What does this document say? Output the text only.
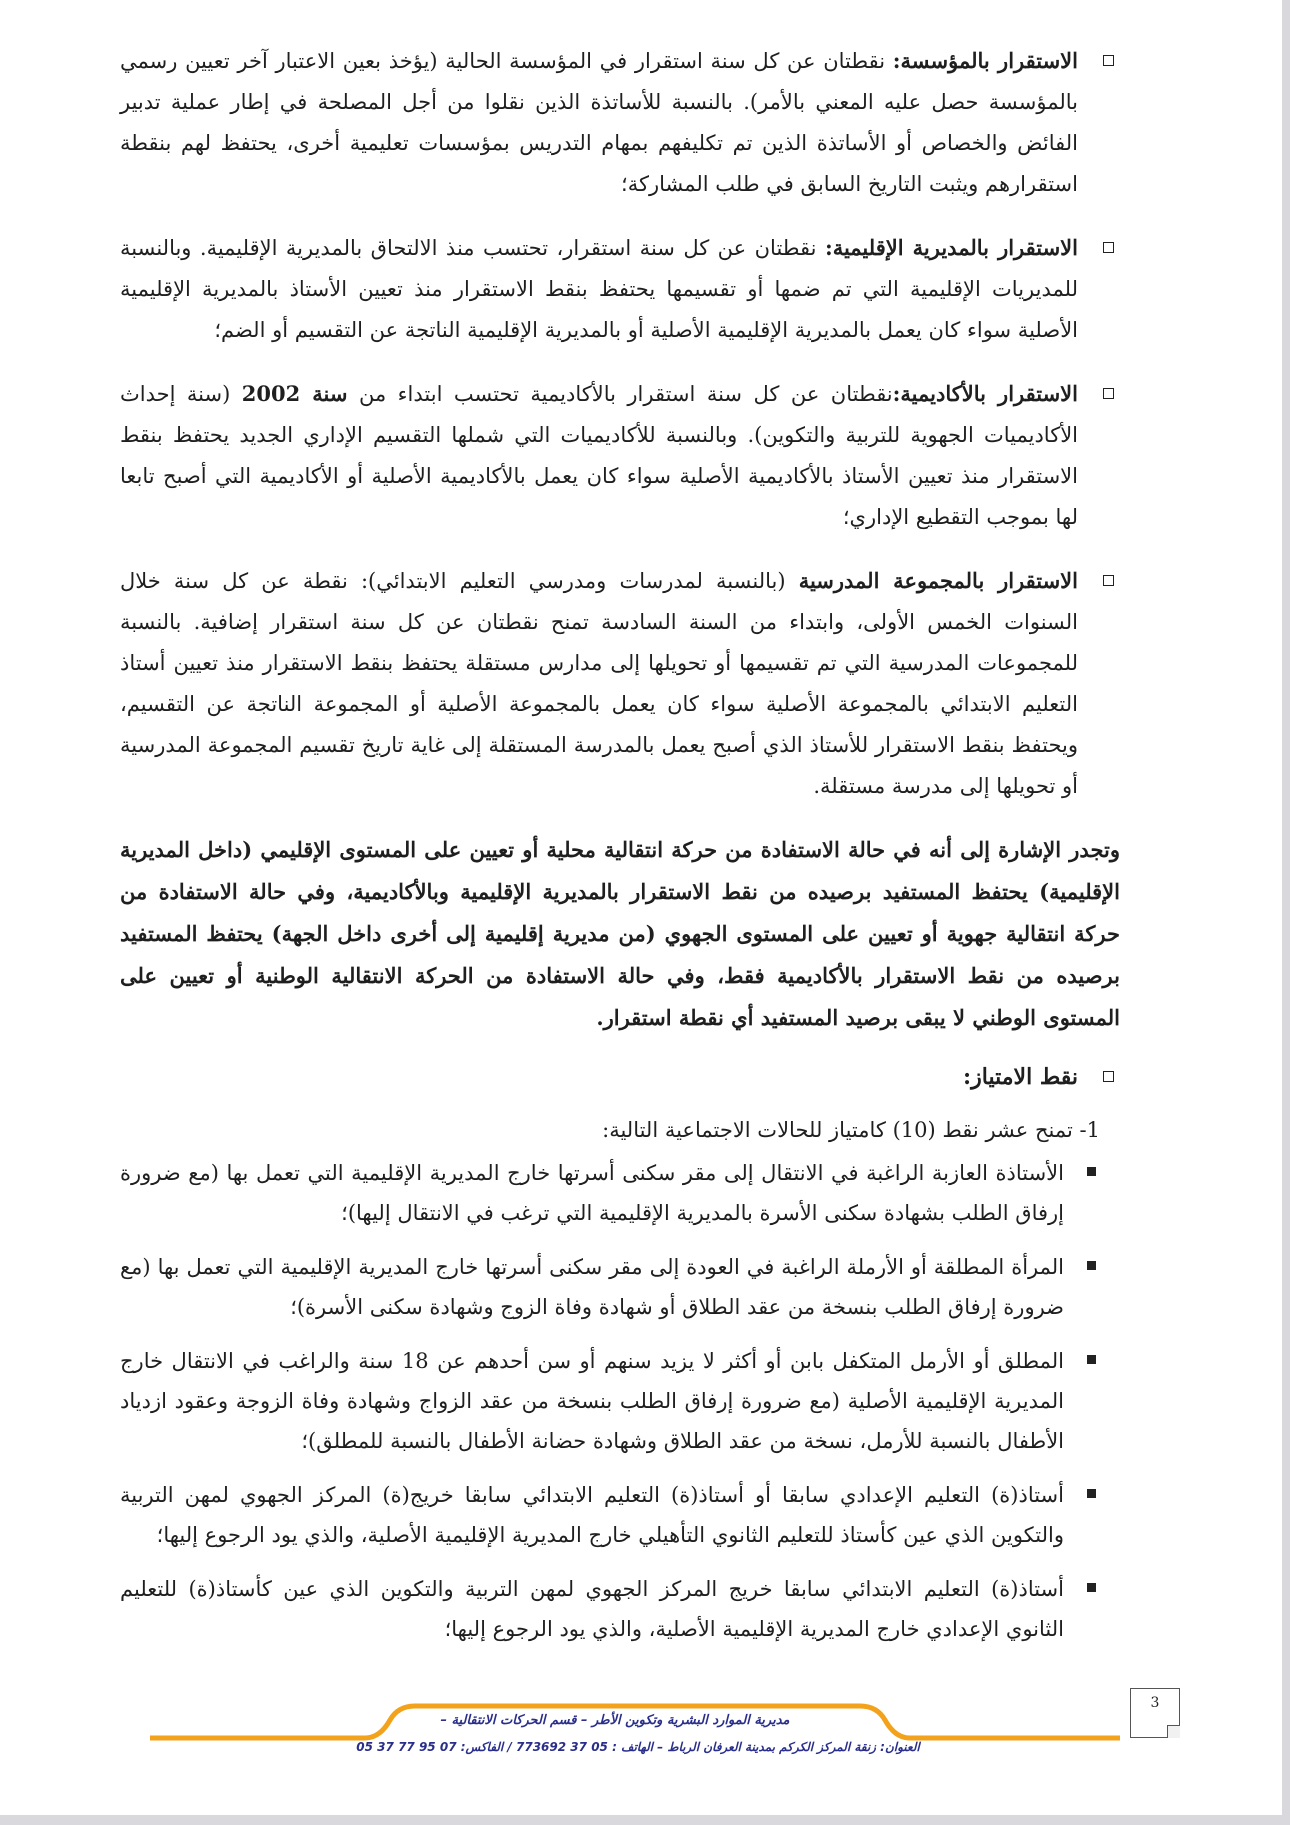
الاستقرار بالمؤسسة: نقطتان عن كل سنة استقرار في المؤسسة الحالية (يؤخذ بعين الاعتبار آخر تعيين رسمي بالمؤسسة حصل عليه المعني بالأمر). بالنسبة للأساتذة الذين نقلوا من أجل المصلحة في إطار عملية تدبير الفائض والخصاص أو الأساتذة الذين تم تكليفهم بمهام التدريس بمؤسسات تعليمية أخرى، يحتفظ لهم بنقطة استقرارهم ويثبت التاريخ السابق في طلب المشاركة؛

الاستقرار بالمديرية الإقليمية: نقطتان عن كل سنة استقرار، تحتسب منذ الالتحاق بالمديرية الإقليمية. وبالنسبة للمديريات الإقليمية التي تم ضمها أو تقسيمها يحتفظ بنقط الاستقرار منذ تعيين الأستاذ بالمديرية الإقليمية الأصلية سواء كان يعمل بالمديرية الإقليمية الأصلية أو بالمديرية الإقليمية الناتجة عن التقسيم أو الضم؛

الاستقرار بالأكاديمية:نقطتان عن كل سنة استقرار بالأكاديمية تحتسب ابتداء من سنة 2002 (سنة إحداث الأكاديميات الجهوية للتربية والتكوين). وبالنسبة للأكاديميات التي شملها التقسيم الإداري الجديد يحتفظ بنقط الاستقرار منذ تعيين الأستاذ بالأكاديمية الأصلية سواء كان يعمل بالأكاديمية الأصلية أو الأكاديمية التي أصبح تابعا لها بموجب التقطيع الإداري؛

الاستقرار بالمجموعة المدرسية (بالنسبة لمدرسات ومدرسي التعليم الابتدائي): نقطة عن كل سنة خلال السنوات الخمس الأولى، وابتداء من السنة السادسة تمنح نقطتان عن كل سنة استقرار إضافية. بالنسبة للمجموعات المدرسية التي تم تقسيمها أو تحويلها إلى مدارس مستقلة يحتفظ بنقط الاستقرار منذ تعيين أستاذ التعليم الابتدائي بالمجموعة الأصلية سواء كان يعمل بالمجموعة الأصلية أو المجموعة الناتجة عن التقسيم، ويحتفظ بنقط الاستقرار للأستاذ الذي أصبح يعمل بالمدرسة المستقلة إلى غاية تاريخ تقسيم المجموعة المدرسية أو تحويلها إلى مدرسة مستقلة.

وتجدر الإشارة إلى أنه في حالة الاستفادة من حركة انتقالية محلية أو تعيين على المستوى الإقليمي (داخل المديرية الإقليمية) يحتفظ المستفيد برصيده من نقط الاستقرار بالمديرية الإقليمية وبالأكاديمية، وفي حالة الاستفادة من حركة انتقالية جهوية أو تعيين على المستوى الجهوي (من مديرية إقليمية إلى أخرى داخل الجهة) يحتفظ المستفيد برصيده من نقط الاستقرار بالأكاديمية فقط، وفي حالة الاستفادة من الحركة الانتقالية الوطنية أو تعيين على المستوى الوطني لا يبقى برصيد المستفيد أي نقطة استقرار.

نقط الامتياز:

1- تمنح عشر نقط (10) كامتياز للحالات الاجتماعية التالية:

الأستاذة العازبة الراغبة في الانتقال إلى مقر سكنى أسرتها خارج المديرية الإقليمية التي تعمل بها (مع ضرورة إرفاق الطلب بشهادة سكنى الأسرة بالمديرية الإقليمية التي ترغب في الانتقال إليها)؛

المرأة المطلقة أو الأرملة الراغبة في العودة إلى مقر سكنى أسرتها خارج المديرية الإقليمية التي تعمل بها (مع ضرورة إرفاق الطلب بنسخة من عقد الطلاق أو شهادة وفاة الزوج وشهادة سكنى الأسرة)؛

المطلق أو الأرمل المتكفل بابن أو أكثر لا يزيد سنهم أو سن أحدهم عن 18 سنة والراغب في الانتقال خارج المديرية الإقليمية الأصلية (مع ضرورة إرفاق الطلب بنسخة من عقد الزواج وشهادة وفاة الزوجة وعقود ازدياد الأطفال بالنسبة للأرمل، نسخة من عقد الطلاق وشهادة حضانة الأطفال بالنسبة للمطلق)؛

أستاذ(ة) التعليم الإعدادي سابقا أو أستاذ(ة) التعليم الابتدائي سابقا خريج(ة) المركز الجهوي لمهن التربية والتكوين الذي عين كأستاذ للتعليم الثانوي التأهيلي خارج المديرية الإقليمية الأصلية، والذي يود الرجوع إليها؛

أستاذ(ة) التعليم الابتدائي سابقا خريج المركز الجهوي لمهن التربية والتكوين الذي عين كأستاذ(ة) للتعليم الثانوي الإعدادي خارج المديرية الإقليمية الأصلية، والذي يود الرجوع إليها؛

مديرية الموارد البشرية وتكوين الأطر – قسم الحركات الانتقالية –
العنوان: زنقة المركز الكركم بمدينة العرفان الرباط – الهاتف : 05 37 773692 / الفاكس: 07 95 77 37 05
3
